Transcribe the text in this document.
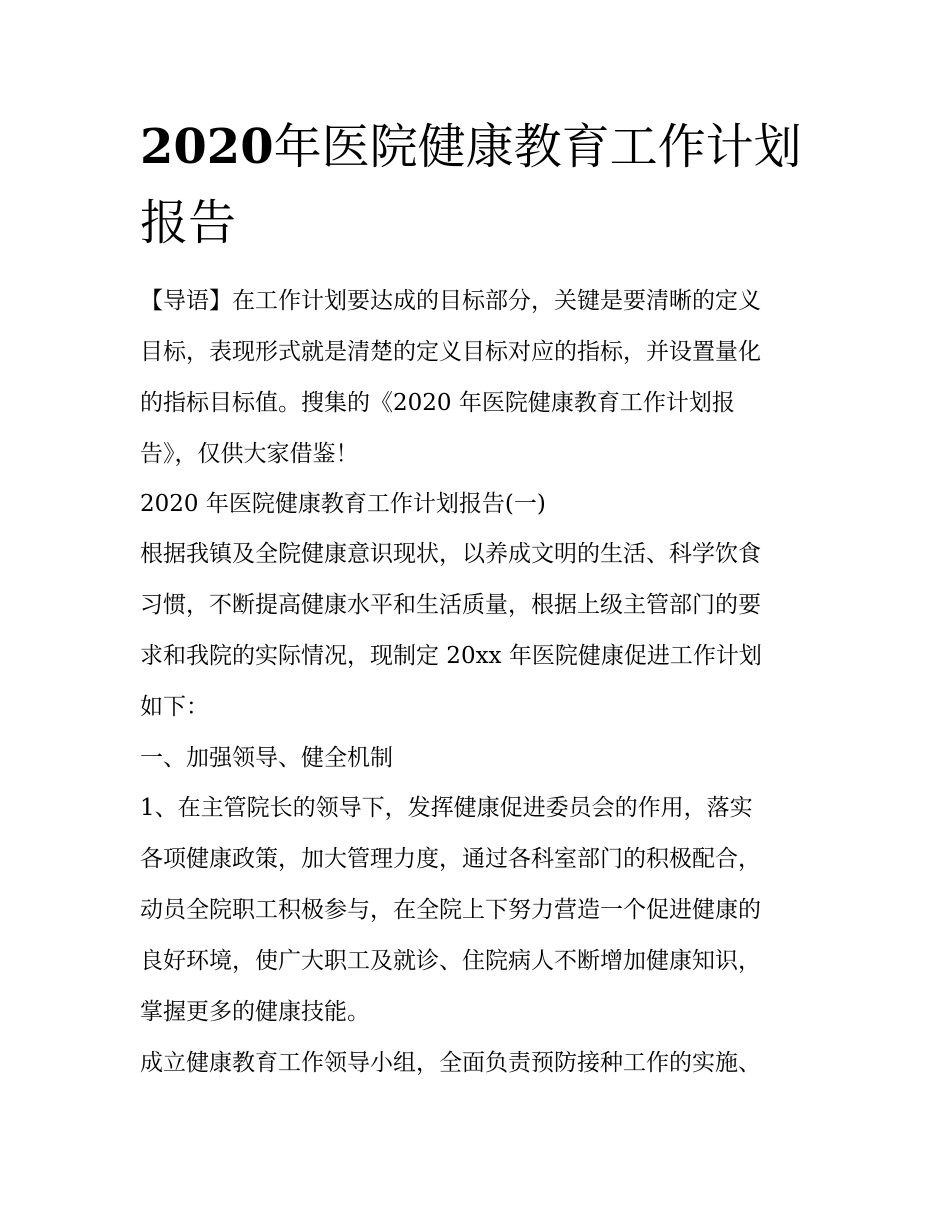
2020年医院健康教育工作计划报告

【导语】在工作计划要达成的目标部分，关键是要清晰的定义

目标，表现形式就是清楚的定义目标对应的指标，并设置量化

的指标目标值。搜集的《2020 年医院健康教育工作计划报

告》，仅供大家借鉴！

2020 年医院健康教育工作计划报告(一)

根据我镇及全院健康意识现状，以养成文明的生活、科学饮食

习惯，不断提高健康水平和生活质量，根据上级主管部门的要

求和我院的实际情况，现制定 20xx 年医院健康促进工作计划

如下：

一、加强领导、健全机制

1、在主管院长的领导下，发挥健康促进委员会的作用，落实

各项健康政策，加大管理力度，通过各科室部门的积极配合，

动员全院职工积极参与，在全院上下努力营造一个促进健康的

良好环境，使广大职工及就诊、住院病人不断增加健康知识，

掌握更多的健康技能。

成立健康教育工作领导小组，全面负责预防接种工作的实施、
